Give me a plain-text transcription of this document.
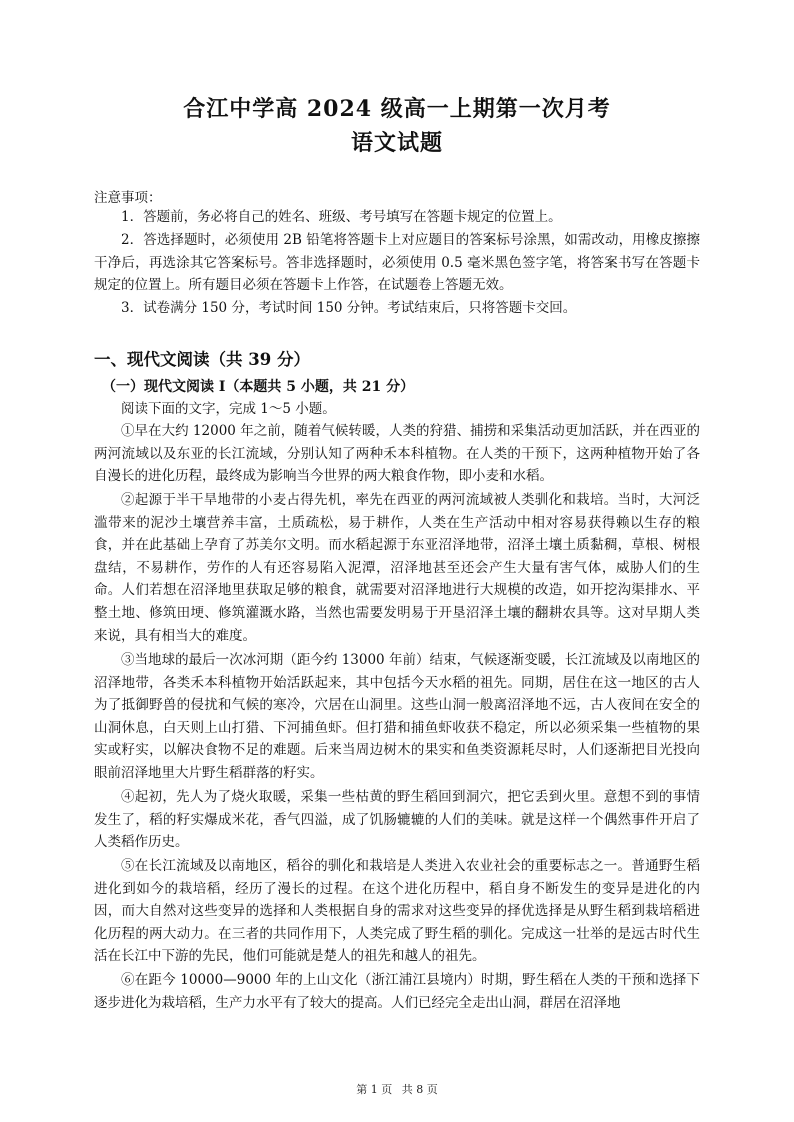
合江中学高 2024 级高一上期第一次月考
语文试题
注意事项：

1．答题前，务必将自己的姓名、班级、考号填写在答题卡规定的位置上。

2．答选择题时，必须使用 2B 铅笔将答题卡上对应题目的答案标号涂黑，如需改动，用橡皮擦擦干净后，再选涂其它答案标号。答非选择题时，必须使用 0.5 毫米黑色签字笔，将答案书写在答题卡规定的位置上。所有题目必须在答题卡上作答，在试题卷上答题无效。

3．试卷满分 150 分，考试时间 150 分钟。考试结束后，只将答题卡交回。

一、现代文阅读（共 39 分）
（一）现代文阅读 I（本题共 5 小题，共 21 分）

阅读下面的文字，完成 1～5 小题。

①早在大约 12000 年之前，随着气候转暖，人类的狩猎、捕捞和采集活动更加活跃，并在西亚的两河流域以及东亚的长江流域，分别认知了两种禾本科植物。在人类的干预下，这两种植物开始了各自漫长的进化历程，最终成为影响当今世界的两大粮食作物，即小麦和水稻。

②起源于半干旱地带的小麦占得先机，率先在西亚的两河流域被人类驯化和栽培。当时，大河泛滥带来的泥沙土壤营养丰富，土质疏松，易于耕作，人类在生产活动中相对容易获得赖以生存的粮食，并在此基础上孕育了苏美尔文明。而水稻起源于东亚沼泽地带，沼泽土壤土质黏稠，草根、树根盘结，不易耕作，劳作的人有还容易陷入泥潭，沼泽地甚至还会产生大量有害气体，威胁人们的生命。人们若想在沼泽地里获取足够的粮食，就需要对沼泽地进行大规模的改造，如开挖沟渠排水、平整土地、修筑田埂、修筑灌溉水路，当然也需要发明易于开垦沼泽土壤的翻耕农具等。这对早期人类来说，具有相当大的难度。

③当地球的最后一次冰河期（距今约 13000 年前）结束，气候逐渐变暖，长江流域及以南地区的沼泽地带，各类禾本科植物开始活跃起来，其中包括今天水稻的祖先。同期，居住在这一地区的古人为了抵御野兽的侵扰和气候的寒冷，穴居在山洞里。这些山洞一般离沼泽地不远，古人夜间在安全的山洞休息，白天则上山打猎、下河捕鱼虾。但打猎和捕鱼虾收获不稳定，所以必须采集一些植物的果实或籽实，以解决食物不足的难题。后来当周边树木的果实和鱼类资源耗尽时，人们逐渐把目光投向眼前沼泽地里大片野生稻群落的籽实。

④起初，先人为了烧火取暖，采集一些枯黄的野生稻回到洞穴，把它丢到火里。意想不到的事情发生了，稻的籽实爆成米花，香气四溢，成了饥肠辘辘的人们的美味。就是这样一个偶然事件开启了人类稻作历史。

⑤在长江流域及以南地区，稻谷的驯化和栽培是人类进入农业社会的重要标志之一。普通野生稻进化到如今的栽培稻，经历了漫长的过程。在这个进化历程中，稻自身不断发生的变异是进化的内因，而大自然对这些变异的选择和人类根据自身的需求对这些变异的择优选择是从野生稻到栽培稻进化历程的两大动力。在三者的共同作用下，人类完成了野生稻的驯化。完成这一壮举的是远古时代生活在长江中下游的先民，他们可能就是楚人的祖先和越人的祖先。

⑥在距今 10000—9000 年的上山文化（浙江浦江县境内）时期，野生稻在人类的干预和选择下逐步进化为栽培稻，生产力水平有了较大的提高。人们已经完全走出山洞，群居在沼泽地

第 1 页 共 8 页
